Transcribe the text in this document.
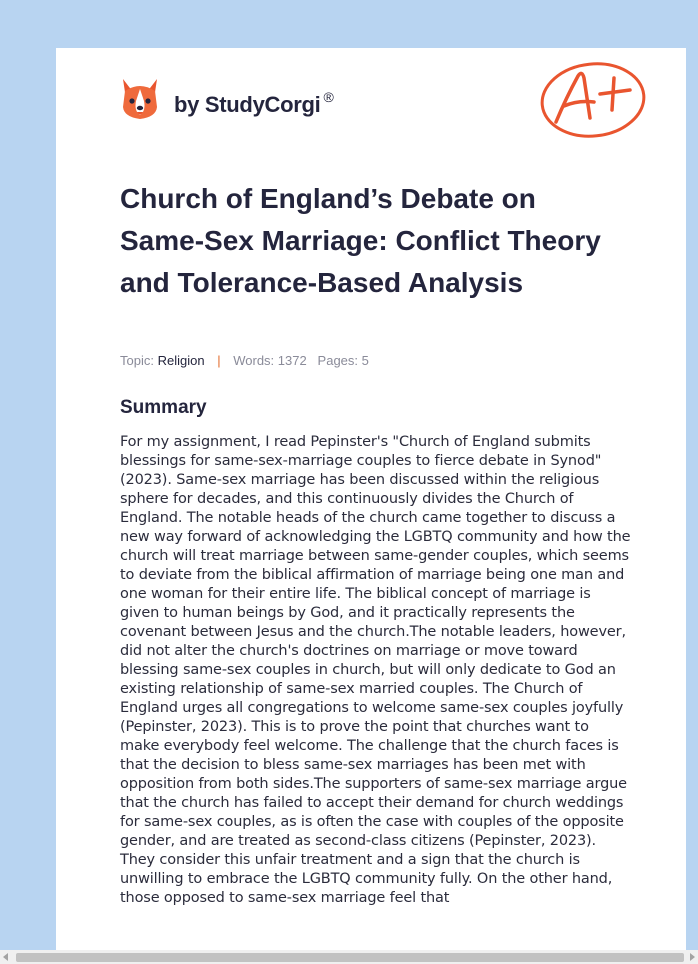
by StudyCorgi ®
Church of England’s Debate on Same-Sex Marriage: Conflict Theory and Tolerance-Based Analysis
Topic: Religion | Words: 1372 Pages: 5
Summary

For my assignment, I read Pepinster's "Church of England submits blessings for same-sex-marriage couples to fierce debate in Synod" (2023). Same-sex marriage has been discussed within the religious sphere for decades, and this continuously divides the Church of England. The notable heads of the church came together to discuss a new way forward of acknowledging the LGBTQ community and how the church will treat marriage between same-gender couples, which seems to deviate from the biblical affirmation of marriage being one man and one woman for their entire life. The biblical concept of marriage is given to human beings by God, and it practically represents the covenant between Jesus and the church.The notable leaders, however, did not alter the church's doctrines on marriage or move toward blessing same-sex couples in church, but will only dedicate to God an existing relationship of same-sex married couples. The Church of England urges all congregations to welcome same-sex couples joyfully (Pepinster, 2023). This is to prove the point that churches want to make everybody feel welcome. The challenge that the church faces is that the decision to bless same-sex marriages has been met with opposition from both sides.The supporters of same-sex marriage argue that the church has failed to accept their demand for church weddings for same-sex couples, as is often the case with couples of the opposite gender, and are treated as second-class citizens (Pepinster, 2023). They consider this unfair treatment and a sign that the church is unwilling to embrace the LGBTQ community fully. On the other hand, those opposed to same-sex marriage feel that
